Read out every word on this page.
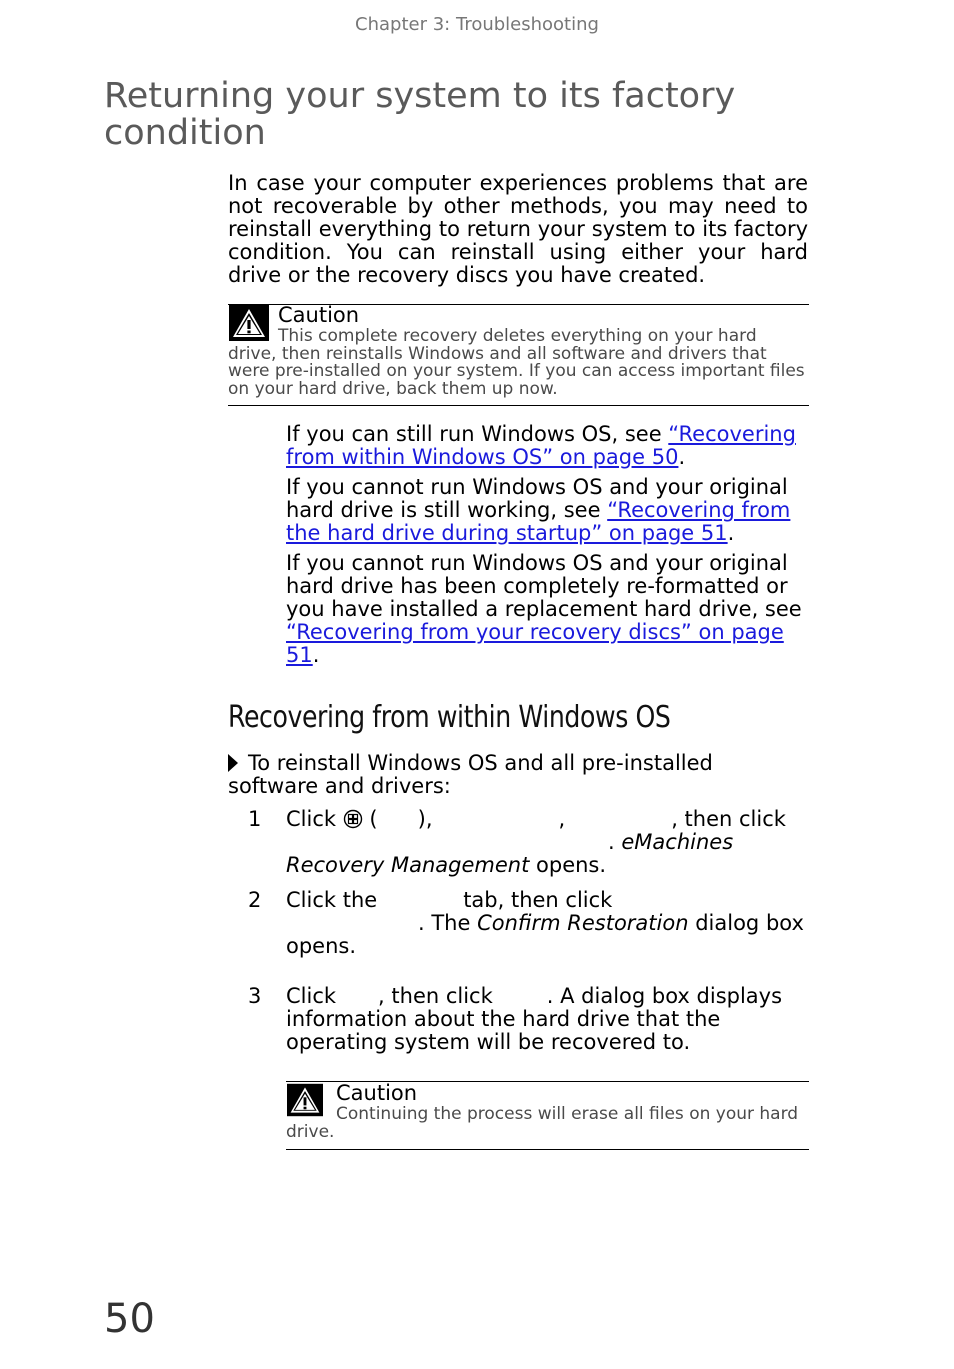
Chapter 3: Troubleshooting
Returning your system to its factory condition
In case your computer experiences problems that are not recoverable by other methods, you may need to reinstall everything to return your system to its factory condition. You can reinstall using either your hard drive or the recovery discs you have created.
Caution
This complete recovery deletes everything on your hard drive, then reinstalls Windows and all software and drivers that were pre-installed on your system. If you can access important files on your hard drive, back them up now.
If you can still run Windows OS, see “Recovering from within Windows OS” on page 50.
If you cannot run Windows OS and your original hard drive is still working, see “Recovering from the hard drive during startup” on page 51.
If you cannot run Windows OS and your original hard drive has been completely re-formatted or you have installed a replacement hard drive, see “Recovering from your recovery discs” on page 51.
Recovering from within Windows OS
To reinstall Windows OS and all pre-installed software and drivers:
1 Click ( ),	,	, then click
. eMachines
Recovery Management opens.
2 Click the	tab, then click
. The Confirm Restoration dialog box
opens.
3 Click , then click	. A dialog box displays information about the hard drive that the operating system will be recovered to.
Caution
Continuing the process will erase all files on your hard drive.
50
